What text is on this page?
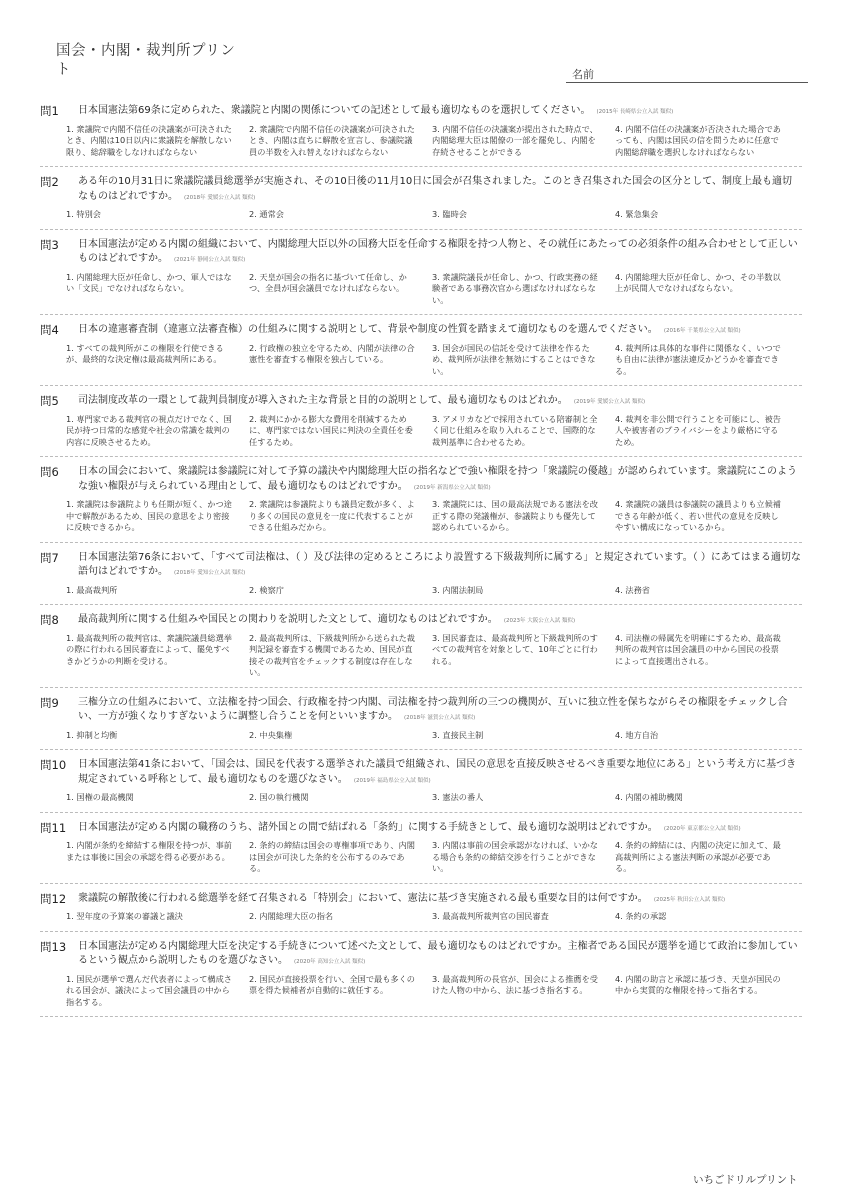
国会・内閣・裁判所プリント	名前
問1	日本国憲法第69条に定められた、衆議院と内閣の関係についての記述として最も適切なものを選択してください。 (2015年 長崎県公立入試 類似)
1. 衆議院で内閣不信任の決議案が可決されたとき、内閣は10日以内に衆議院を解散しない限り、総辞職をしなければならない
2. 衆議院で内閣不信任の決議案が可決されたとき、内閣は直ちに解散を宣言し、参議院議員の半数を入れ替えなければならない
3. 内閣不信任の決議案が提出された時点で、内閣総理大臣は閣僚の一部を罷免し、内閣を存続させることができる
4. 内閣不信任の決議案が否決された場合であっても、内閣は国民の信を問うために任意で内閣総辞職を選択しなければならない
問2	ある年の10月31日に衆議院議員総選挙が実施され、その10日後の11月10日に国会が召集されました。このとき召集された国会の区分として、制度上最も適切なものはどれですか。 (2018年 愛媛公立入試 類似)
1. 特別会	2. 通常会	3. 臨時会	4. 緊急集会
問3	日本国憲法が定める内閣の組織において、内閣総理大臣以外の国務大臣を任命する権限を持つ人物と、その就任にあたっての必須条件の組み合わせとして正しいものはどれですか。 (2021年 静岡公立入試 類似)
1. 内閣総理大臣が任命し、かつ、軍人ではない「文民」でなければならない。
2. 天皇が国会の指名に基づいて任命し、かつ、全員が国会議員でなければならない。
3. 衆議院議長が任命し、かつ、行政実務の経験者である事務次官から選ばなければならない。
4. 内閣総理大臣が任命し、かつ、その半数以上が民間人でなければならない。
問4	日本の違憲審査制（違憲立法審査権）の仕組みに関する説明として、背景や制度の性質を踏まえて適切なものを選んでください。 (2016年 千葉県公立入試 類似)
1. すべての裁判所がこの権限を行使できるが、最終的な決定権は最高裁判所にある。
2. 行政権の独立を守るため、内閣が法律の合憲性を審査する権限を独占している。
3. 国会が国民の信託を受けて法律を作るため、裁判所が法律を無効にすることはできない。
4. 裁判所は具体的な事件に関係なく、いつでも自由に法律が憲法違反かどうかを審査できる。
問5	司法制度改革の一環として裁判員制度が導入された主な背景と目的の説明として、最も適切なものはどれか。 (2019年 愛媛公立入試 類似)
1. 専門家である裁判官の視点だけでなく、国民が持つ日常的な感覚や社会の常識を裁判の内容に反映させるため。
2. 裁判にかかる膨大な費用を削減するために、専門家ではない国民に判決の全責任を委任するため。
3. アメリカなどで採用されている陪審制と全く同じ仕組みを取り入れることで、国際的な裁判基準に合わせるため。
4. 裁判を非公開で行うことを可能にし、被告人や被害者のプライバシーをより厳格に守るため。
問6	日本の国会において、衆議院は参議院に対して予算の議決や内閣総理大臣の指名などで強い権限を持つ「衆議院の優越」が認められています。衆議院にこのような強い権限が与えられている理由として、最も適切なものはどれですか。 (2019年 新潟県公立入試 類似)
1. 衆議院は参議院よりも任期が短く、かつ途中で解散があるため、国民の意思をより密接に反映できるから。
2. 衆議院は参議院よりも議員定数が多く、より多くの国民の意見を一度に代表することができる仕組みだから。
3. 衆議院には、国の最高法規である憲法を改正する際の発議権が、参議院よりも優先して認められているから。
4. 衆議院の議員は参議院の議員よりも立候補できる年齢が低く、若い世代の意見を反映しやすい構成になっているから。
問7	日本国憲法第76条において、「すべて司法権は、（ ）及び法律の定めるところにより設置する下級裁判所に属する」と規定されています。（ ）にあてはまる適切な語句はどれですか。 (2018年 愛知公立入試 類似)
1. 最高裁判所	2. 検察庁	3. 内閣法制局	4. 法務省
問8	最高裁判所に関する仕組みや国民との関わりを説明した文として、適切なものはどれですか。 (2023年 大阪公立入試 類似)
1. 最高裁判所の裁判官は、衆議院議員総選挙の際に行われる国民審査によって、罷免すべきかどうかの判断を受ける。
2. 最高裁判所は、下級裁判所から送られた裁判記録を審査する機関であるため、国民が直接その裁判官をチェックする制度は存在しない。
3. 国民審査は、最高裁判所と下級裁判所のすべての裁判官を対象として、10年ごとに行われる。
4. 司法権の帰属先を明確にするため、最高裁判所の裁判官は国会議員の中から国民の投票によって直接選出される。
問9	三権分立の仕組みにおいて、立法権を持つ国会、行政権を持つ内閣、司法権を持つ裁判所の三つの機関が、互いに独立性を保ちながらその権限をチェックし合い、一方が強くなりすぎないように調整し合うことを何といいますか。 (2018年 滋賀公立入試 類似)
1. 抑制と均衡	2. 中央集権	3. 直接民主制	4. 地方自治
問10	日本国憲法第41条において、「国会は、国民を代表する選挙された議員で組織され、国民の意思を直接反映させるべき重要な地位にある」という考え方に基づき規定されている呼称として、最も適切なものを選びなさい。 (2019年 福島県公立入試 類似)
1. 国権の最高機関	2. 国の執行機関	3. 憲法の番人	4. 内閣の補助機関
問11	日本国憲法が定める内閣の職務のうち、諸外国との間で結ばれる「条約」に関する手続きとして、最も適切な説明はどれですか。 (2020年 東京都公立入試 類似)
1. 内閣が条約を締結する権限を持つが、事前または事後に国会の承認を得る必要がある。
2. 条約の締結は国会の専権事項であり、内閣は国会が可決した条約を公布するのみである。
3. 内閣は事前の国会承認がなければ、いかなる場合も条約の締結交渉を行うことができない。
4. 条約の締結には、内閣の決定に加えて、最高裁判所による憲法判断の承認が必要である。
問12	衆議院の解散後に行われる総選挙を経て召集される「特別会」において、憲法に基づき実施される最も重要な目的は何ですか。 (2025年 秋田公立入試 類似)
1. 翌年度の予算案の審議と議決	2. 内閣総理大臣の指名	3. 最高裁判所裁判官の国民審査	4. 条約の承認
問13	日本国憲法が定める内閣総理大臣を決定する手続きについて述べた文として、最も適切なものはどれですか。主権者である国民が選挙を通じて政治に参加しているという観点から説明したものを選びなさい。 (2020年 高知公立入試 類似)
1. 国民が選挙で選んだ代表者によって構成される国会が、議決によって国会議員の中から指名する。
2. 国民が直接投票を行い、全国で最も多くの票を得た候補者が自動的に就任する。
3. 最高裁判所の長官が、国会による推薦を受けた人物の中から、法に基づき指名する。
4. 内閣の助言と承認に基づき、天皇が国民の中から実質的な権限を持って指名する。
いちごドリルプリント
